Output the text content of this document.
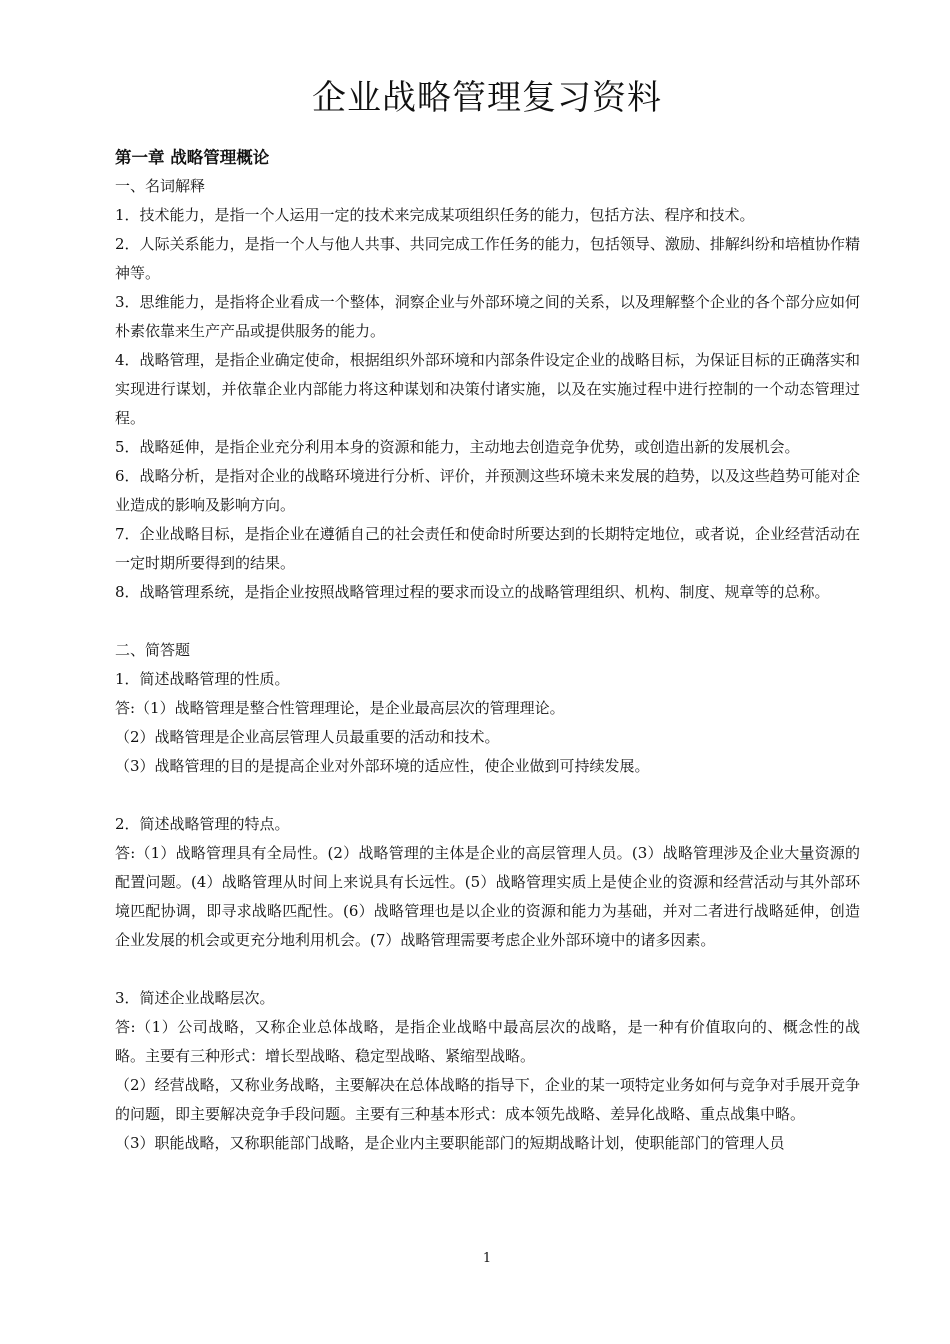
企业战略管理复习资料
第一章 战略管理概论

一、名词解释

1．技术能力，是指一个人运用一定的技术来完成某项组织任务的能力，包括方法、程序和技术。

2．人际关系能力，是指一个人与他人共事、共同完成工作任务的能力，包括领导、激励、排解纠纷和培植协作精神等。

3．思维能力，是指将企业看成一个整体，洞察企业与外部环境之间的关系，以及理解整个企业的各个部分应如何朴素依靠来生产产品或提供服务的能力。

4．战略管理，是指企业确定使命，根据组织外部环境和内部条件设定企业的战略目标，为保证目标的正确落实和实现进行谋划，并依靠企业内部能力将这种谋划和决策付诸实施，以及在实施过程中进行控制的一个动态管理过程。

5．战略延伸，是指企业充分利用本身的资源和能力，主动地去创造竞争优势，或创造出新的发展机会。

6．战略分析，是指对企业的战略环境进行分析、评价，并预测这些环境未来发展的趋势，以及这些趋势可能对企业造成的影响及影响方向。

7．企业战略目标，是指企业在遵循自己的社会责任和使命时所要达到的长期特定地位，或者说，企业经营活动在一定时期所要得到的结果。

8．战略管理系统，是指企业按照战略管理过程的要求而设立的战略管理组织、机构、制度、规章等的总称。

二、简答题

1．简述战略管理的性质。

答:（1）战略管理是整合性管理理论，是企业最高层次的管理理论。

（2）战略管理是企业高层管理人员最重要的活动和技术。

（3）战略管理的目的是提高企业对外部环境的适应性，使企业做到可持续发展。

2．简述战略管理的特点。

答:（1）战略管理具有全局性。(2）战略管理的主体是企业的高层管理人员。(3）战略管理涉及企业大量资源的配置问题。(4）战略管理从时间上来说具有长远性。(5）战略管理实质上是使企业的资源和经营活动与其外部环境匹配协调，即寻求战略匹配性。(6）战略管理也是以企业的资源和能力为基础，并对二者进行战略延伸，创造企业发展的机会或更充分地利用机会。(7）战略管理需要考虑企业外部环境中的诸多因素。

3．简述企业战略层次。

答:（1）公司战略，又称企业总体战略，是指企业战略中最高层次的战略，是一种有价值取向的、概念性的战略。主要有三种形式：增长型战略、稳定型战略、紧缩型战略。

（2）经营战略，又称业务战略，主要解决在总体战略的指导下，企业的某一项特定业务如何与竞争对手展开竞争的问题，即主要解决竞争手段问题。主要有三种基本形式：成本领先战略、差异化战略、重点战集中略。

（3）职能战略，又称职能部门战略，是企业内主要职能部门的短期战略计划，使职能部门的管理人员

1
